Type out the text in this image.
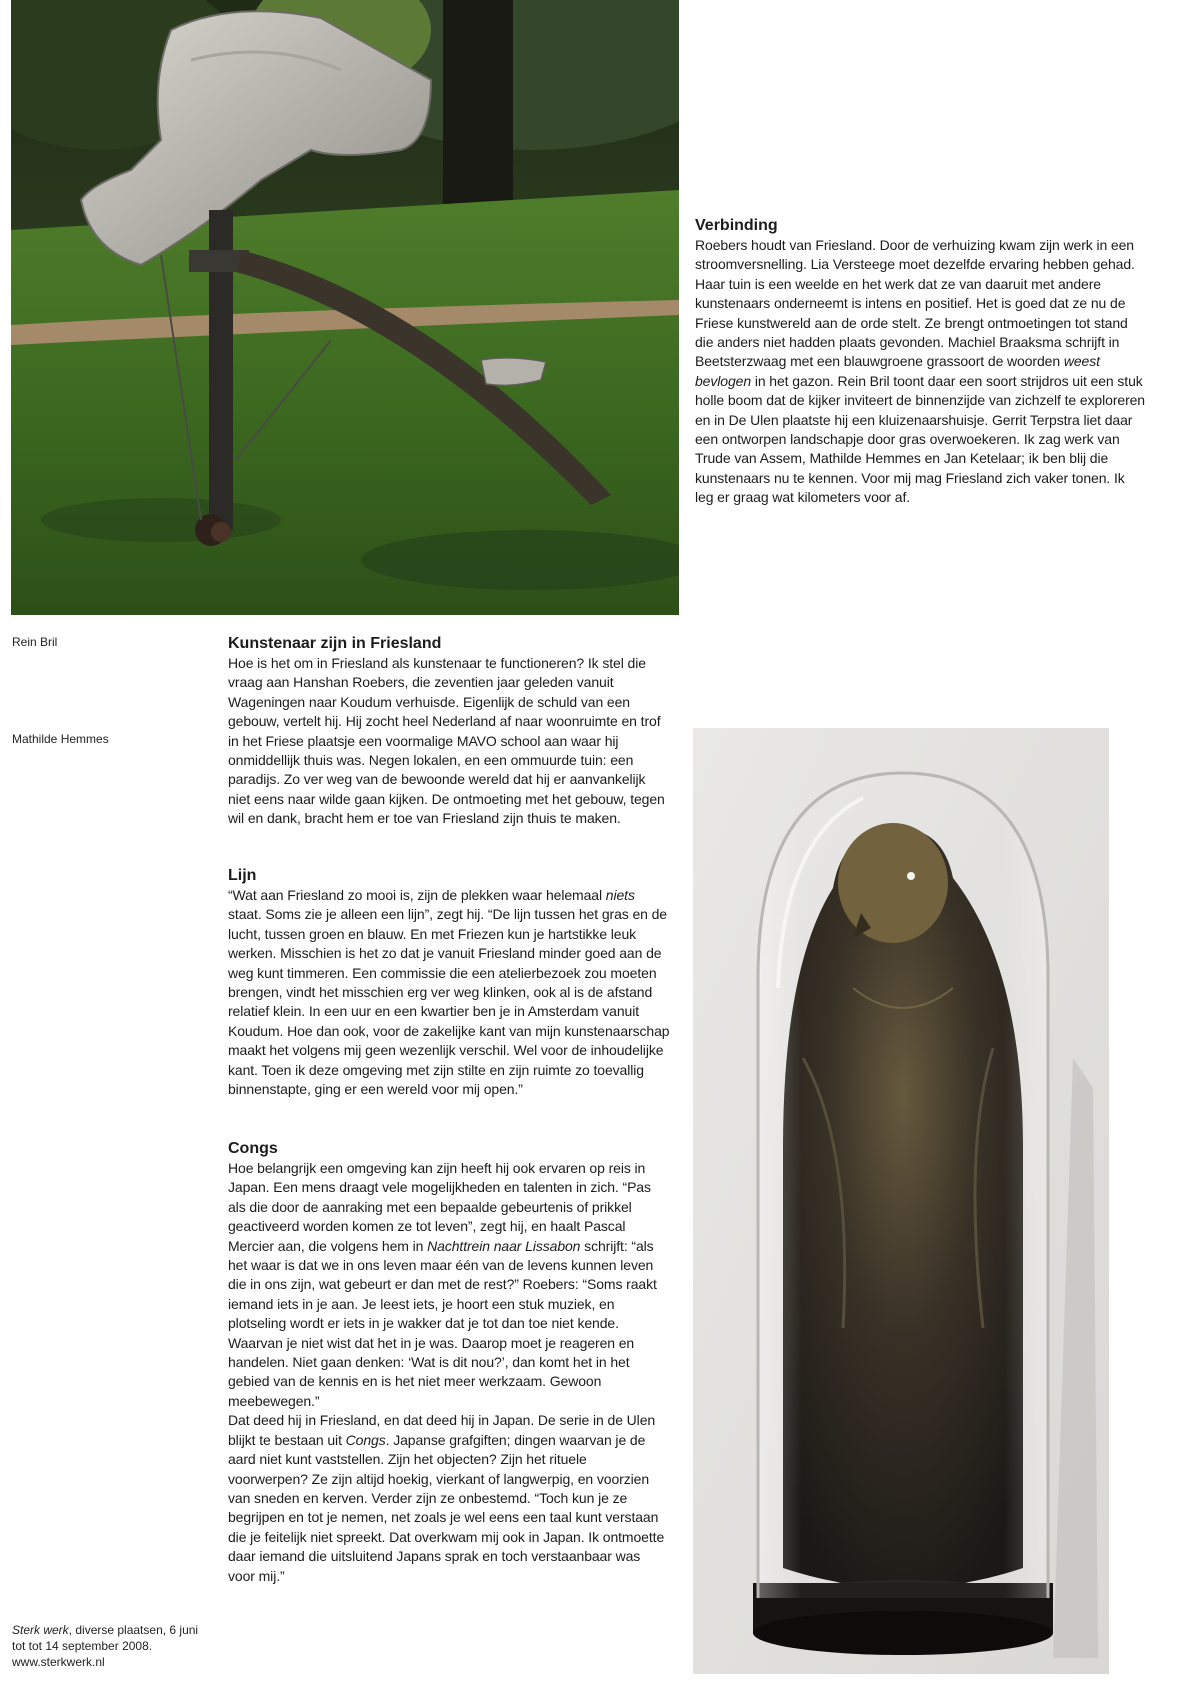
Verbinding

Roebers houdt van Friesland. Door de verhuizing kwam zijn werk in een stroomversnelling. Lia Versteege moet dezelfde ervaring hebben gehad. Haar tuin is een weelde en het werk dat ze van daaruit met andere kunstenaars onderneemt is intens en positief. Het is goed dat ze nu de Friese kunstwereld aan de orde stelt. Ze brengt ontmoetingen tot stand die anders niet hadden plaats gevonden. Machiel Braaksma schrijft in Beetsterzwaag met een blauwgroene grassoort de woorden weest bevlogen in het gazon. Rein Bril toont daar een soort strijdros uit een stuk holle boom dat de kijker inviteert de binnenzijde van zichzelf te exploreren en in De Ulen plaatste hij een kluizenaarshuisje. Gerrit Terpstra liet daar een ontworpen landschapje door gras overwoekeren. Ik zag werk van Trude van Assem, Mathilde Hemmes en Jan Ketelaar; ik ben blij die kunstenaars nu te kennen. Voor mij mag Friesland zich vaker tonen. Ik leg er graag wat kilometers voor af.

Rein Bril
Mathilde Hemmes
Kunstenaar zijn in Friesland

Hoe is het om in Friesland als kunstenaar te functioneren? Ik stel die vraag aan Hanshan Roebers, die zeventien jaar geleden vanuit Wageningen naar Koudum verhuisde. Eigenlijk de schuld van een gebouw, vertelt hij. Hij zocht heel Nederland af naar woonruimte en trof in het Friese plaatsje een voormalige MAVO school aan waar hij onmiddellijk thuis was. Negen lokalen, en een ommuurde tuin: een paradijs. Zo ver weg van de bewoonde wereld dat hij er aanvankelijk niet eens naar wilde gaan kijken. De ontmoeting met het gebouw, tegen wil en dank, bracht hem er toe van Friesland zijn thuis te maken.

Lijn

“Wat aan Friesland zo mooi is, zijn de plekken waar helemaal niets staat. Soms zie je alleen een lijn”, zegt hij. “De lijn tussen het gras en de lucht, tussen groen en blauw. En met Friezen kun je hartstikke leuk werken. Misschien is het zo dat je vanuit Friesland minder goed aan de weg kunt timmeren. Een commissie die een atelierbezoek zou moeten brengen, vindt het misschien erg ver weg klinken, ook al is de afstand relatief klein. In een uur en een kwartier ben je in Amsterdam vanuit Koudum. Hoe dan ook, voor de zakelijke kant van mijn kunstenaarschap maakt het volgens mij geen wezenlijk verschil. Wel voor de inhoudelijke kant. Toen ik deze omgeving met zijn stilte en zijn ruimte zo toevallig binnenstapte, ging er een wereld voor mij open.”

Congs

Hoe belangrijk een omgeving kan zijn heeft hij ook ervaren op reis in Japan. Een mens draagt vele mogelijkheden en talenten in zich. “Pas als die door de aanraking met een bepaalde gebeurtenis of prikkel geactiveerd worden komen ze tot leven”, zegt hij, en haalt Pascal Mercier aan, die volgens hem in Nachttrein naar Lissabon schrijft: “als het waar is dat we in ons leven maar één van de levens kunnen leven die in ons zijn, wat gebeurt er dan met de rest?” Roebers: “Soms raakt iemand iets in je aan. Je leest iets, je hoort een stuk muziek, en plotseling wordt er iets in je wakker dat je tot dan toe niet kende. Waarvan je niet wist dat het in je was. Daarop moet je reageren en handelen. Niet gaan denken: ‘Wat is dit nou?’, dan komt het in het gebied van de kennis en is het niet meer werkzaam. Gewoon meebewegen.”

Dat deed hij in Friesland, en dat deed hij in Japan. De serie in de Ulen blijkt te bestaan uit Congs. Japanse grafgiften; dingen waarvan je de aard niet kunt vaststellen. Zijn het objecten? Zijn het rituele voorwerpen? Ze zijn altijd hoekig, vierkant of langwerpig, en voorzien van sneden en kerven. Verder zijn ze onbestemd. “Toch kun je ze begrijpen en tot je nemen, net zoals je wel eens een taal kunt verstaan die je feitelijk niet spreekt. Dat overkwam mij ook in Japan. Ik ontmoette daar iemand die uitsluitend Japans sprak en toch verstaanbaar was voor mij.”

Sterk werk, diverse plaatsen, 6 juni tot tot 14 september 2008.
www.sterkwerk.nl
